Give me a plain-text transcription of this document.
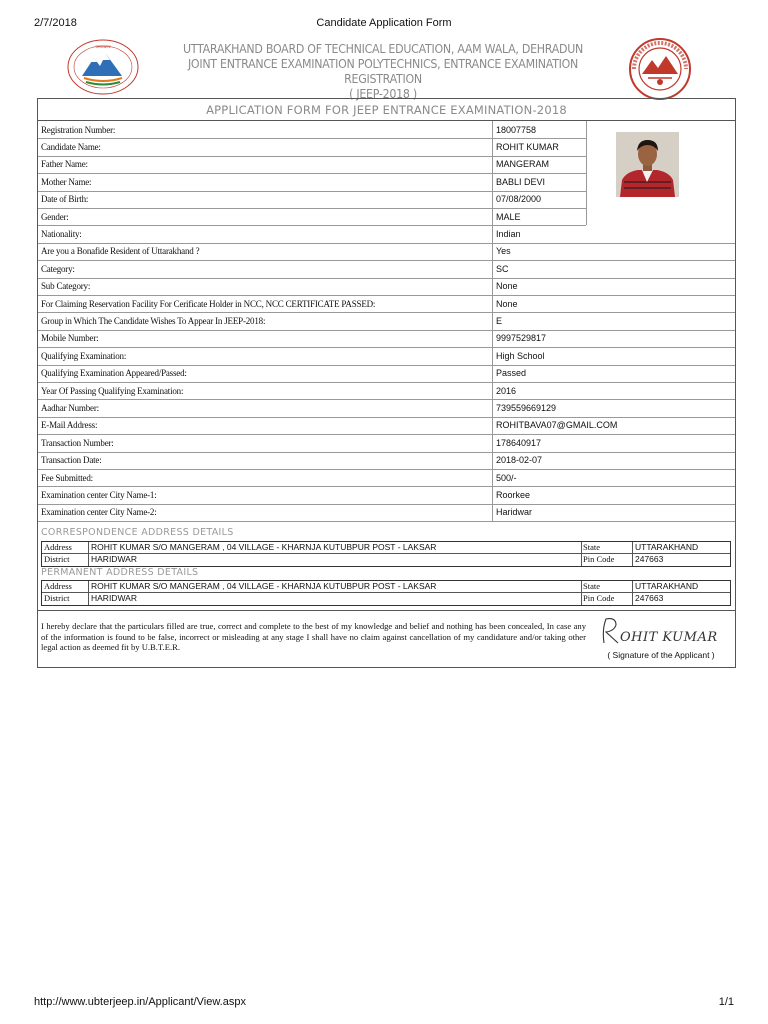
2/7/2018	Candidate Application Form
उत्तराखण्ड	UTTARAKHAND BOARD OF TECHNICAL EDUCATION, AAM WALA, DEHRADUN
JOINT ENTRANCE EXAMINATION POLYTECHNICS, ENTRANCE EXAMINATION REGISTRATION
( JEEP-2018 )
APPLICATION FORM FOR JEEP ENTRANCE EXAMINATION-2018
Registration Number:	18007758
Candidate Name:	ROHIT KUMAR
Father Name:	MANGERAM
Mother Name:	BABLI DEVI
Date of Birth:	07/08/2000
Gender:	MALE
Nationality:	Indian
Are you a Bonafide Resident of Uttarakhand ?	Yes
Category:	SC
Sub Category:	None
For Claiming Reservation Facility For Cerificate Holder in NCC, NCC CERTIFICATE PASSED:	None
Group in Which The Candidate Wishes To Appear In JEEP-2018:	E
Mobile Number:	9997529817
Qualifying Examination:	High School
Qualifying Examination Appeared/Passed:	Passed
Year Of Passing Qualifying Examination:	2016
Aadhar Number:	739559669129
E-Mail Address:	ROHITBAVA07@GMAIL.COM
Transaction Number:	178640917
Transaction Date:	2018-02-07
Fee Submitted:	500/-
Examination center City Name-1:	Roorkee
Examination center City Name-2:	Haridwar
CORRESPONDENCE ADDRESS DETAILS
Address ROHIT KUMAR S/O MANGERAM , 04 VILLAGE - KHARNJA KUTUBPUR POST - LAKSAR	State	UTTARAKHAND
District	HARIDWAR	Pin Code 247663
PERMANENT ADDRESS DETAILS
Address ROHIT KUMAR S/O MANGERAM , 04 VILLAGE - KHARNJA KUTUBPUR POST - LAKSAR	State	UTTARAKHAND
District	HARIDWAR	Pin Code 247663
I hereby declare that the particulars filled are true, correct and complete to the best of my knowledge and belief and nothing has been concealed, In case any of the information is found to be false, incorrect or misleading at any stage I shall have no claim against cancellation of my candidature and/or taking other legal action as deemed fit by U.B.T.E.R.
OHIT KUMAR
( Signature of the Applicant )
http://www.ubterjeep.in/Applicant/View.aspx	1/1
